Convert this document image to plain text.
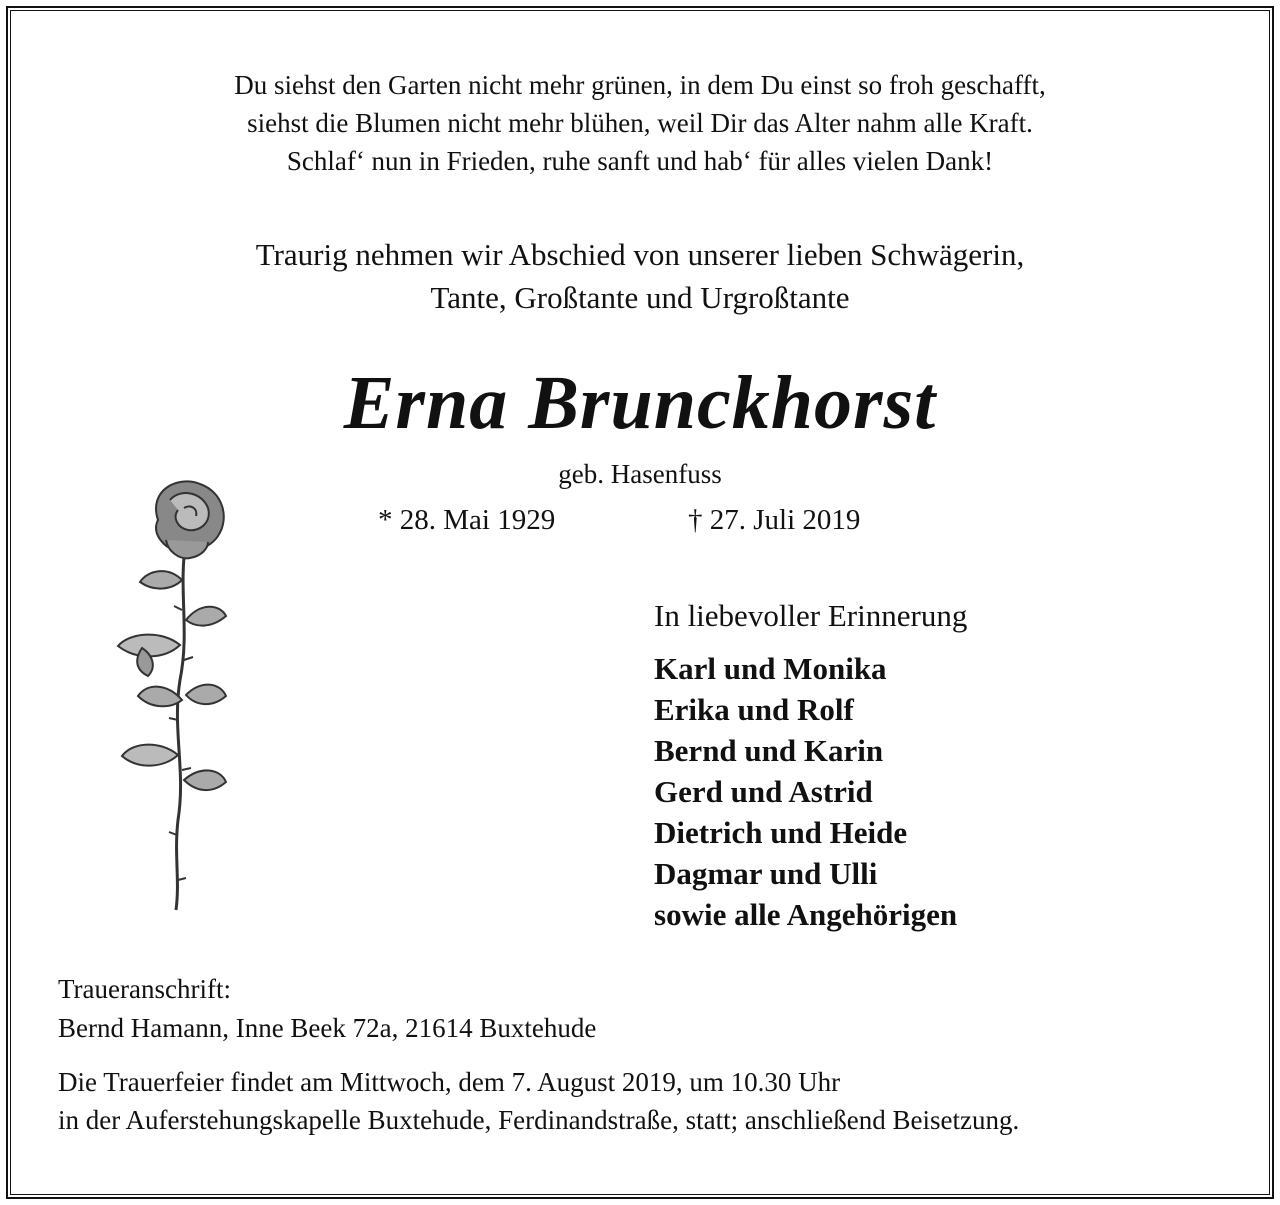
Du siehst den Garten nicht mehr grünen, in dem Du einst so froh geschafft,
siehst die Blumen nicht mehr blühen, weil Dir das Alter nahm alle Kraft.
Schlaf‘ nun in Frieden, ruhe sanft und hab‘ für alles vielen Dank!
Traurig nehmen wir Abschied von unserer lieben Schwägerin,
Tante, Großtante und Urgroßtante
Erna Brunckhorst
geb. Hasenfuss
* 28. Mai 1929	† 27. Juli 2019
In liebevoller Erinnerung
Karl und Monika
Erika und Rolf
Bernd und Karin
Gerd und Astrid
Dietrich und Heide
Dagmar und Ulli
sowie alle Angehörigen
Traueranschrift:
Bernd Hamann, Inne Beek 72a, 21614 Buxtehude
Die Trauerfeier findet am Mittwoch, dem 7. August 2019, um 10.30 Uhr
in der Auferstehungskapelle Buxtehude, Ferdinandstraße, statt; anschließend Beisetzung.
